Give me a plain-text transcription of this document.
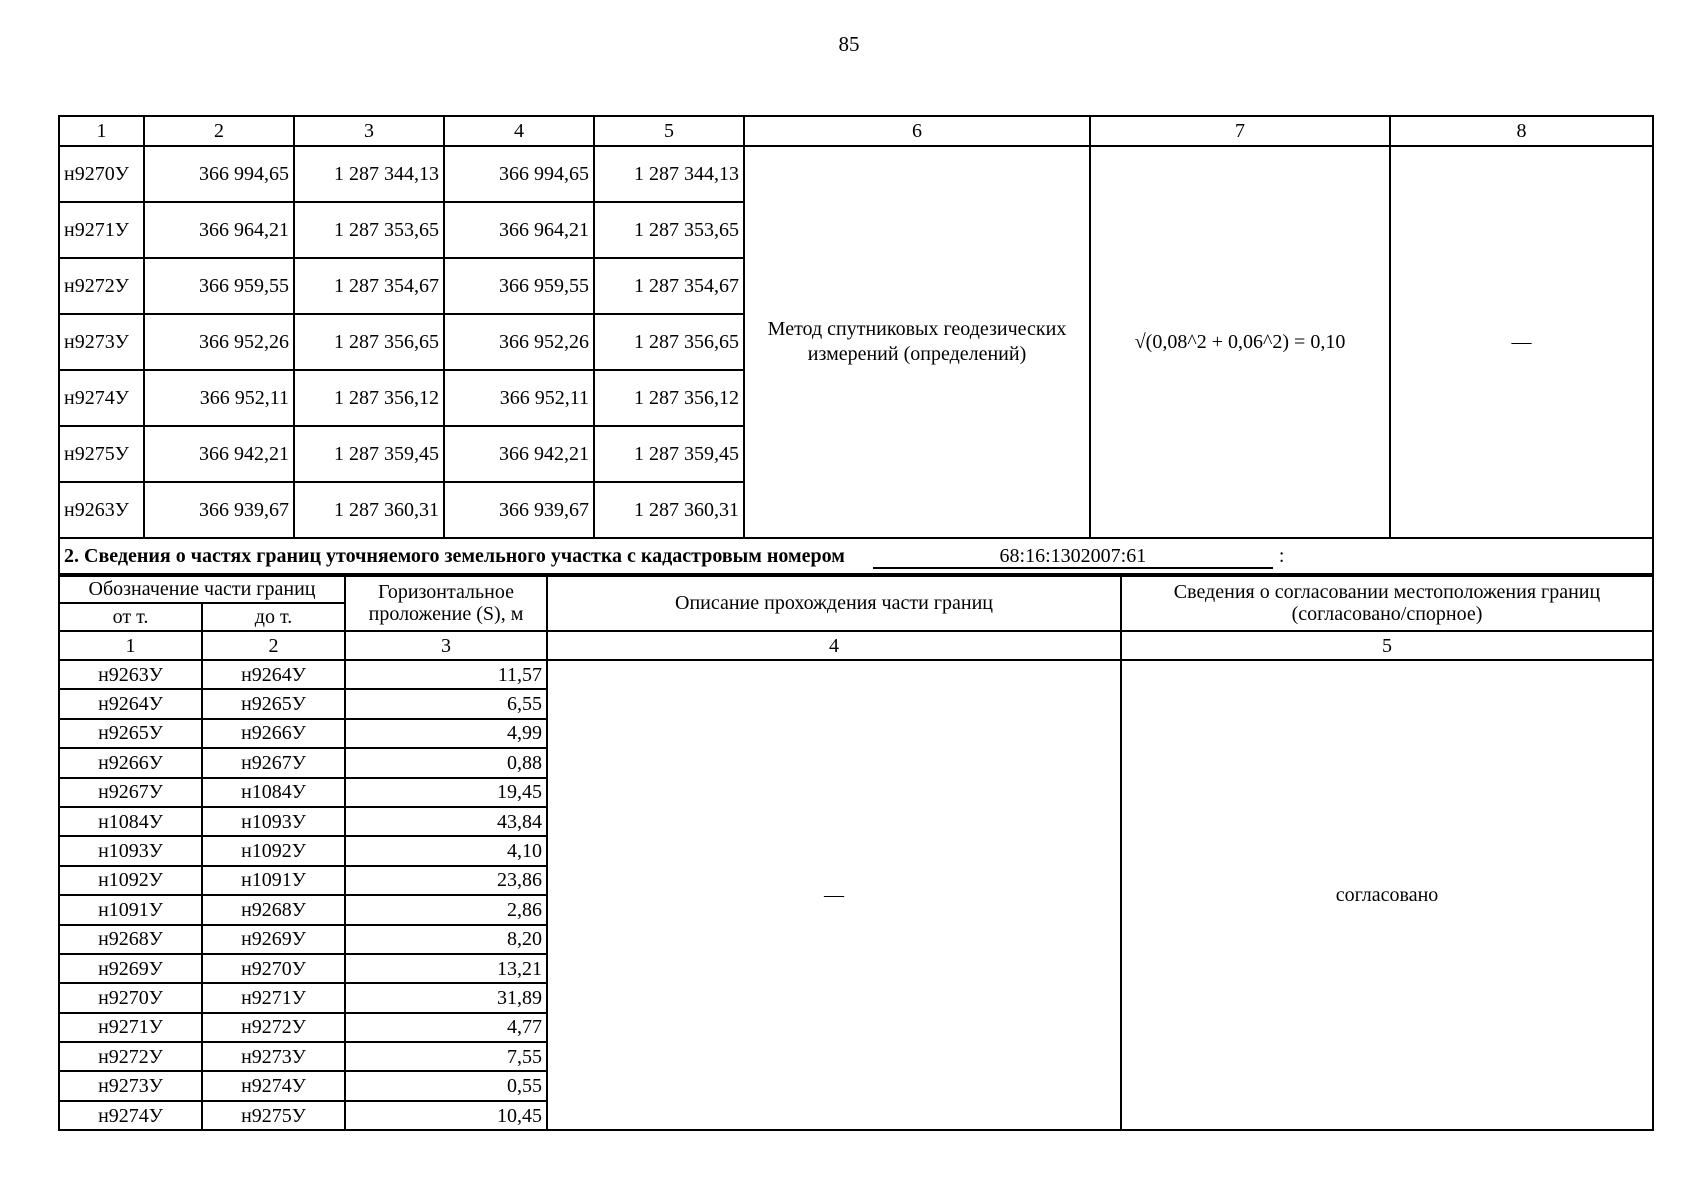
85
1	2	3	4	5	6	7	8
н9270У	366 994,65	1 287 344,13	366 994,65	1 287 344,13	Метод спутниковых геодезических измерений (определений)	√(0,08^2 + 0,06^2) = 0,10	—
н9271У	366 964,21	1 287 353,65	366 964,21	1 287 353,65			
н9272У	366 959,55	1 287 354,67	366 959,55	1 287 354,67			
н9273У	366 952,26	1 287 356,65	366 952,26	1 287 356,65			
н9274У	366 952,11	1 287 356,12	366 952,11	1 287 356,12			
н9275У	366 942,21	1 287 359,45	366 942,21	1 287 359,45			
н9263У	366 939,67	1 287 360,31	366 939,67	1 287 360,31			
2. Сведения о частях границ уточняемого земельного участка с кадастровым номером 68:16:1302007:61 :							
Обозначение части границ		Горизонтальное проложение (S), м	Описание прохождения части границ	Сведения о согласовании местоположения границ (согласовано/спорное)
от т.	до т.			
1	2	3	4	5
н9263У	н9264У	11,57	—	согласовано
н9264У	н9265У	6,55		
н9265У	н9266У	4,99		
н9266У	н9267У	0,88		
н9267У	н1084У	19,45		
н1084У	н1093У	43,84		
н1093У	н1092У	4,10		
н1092У	н1091У	23,86		
н1091У	н9268У	2,86		
н9268У	н9269У	8,20		
н9269У	н9270У	13,21		
н9270У	н9271У	31,89		
н9271У	н9272У	4,77		
н9272У	н9273У	7,55		
н9273У	н9274У	0,55		
н9274У	н9275У	10,45		
